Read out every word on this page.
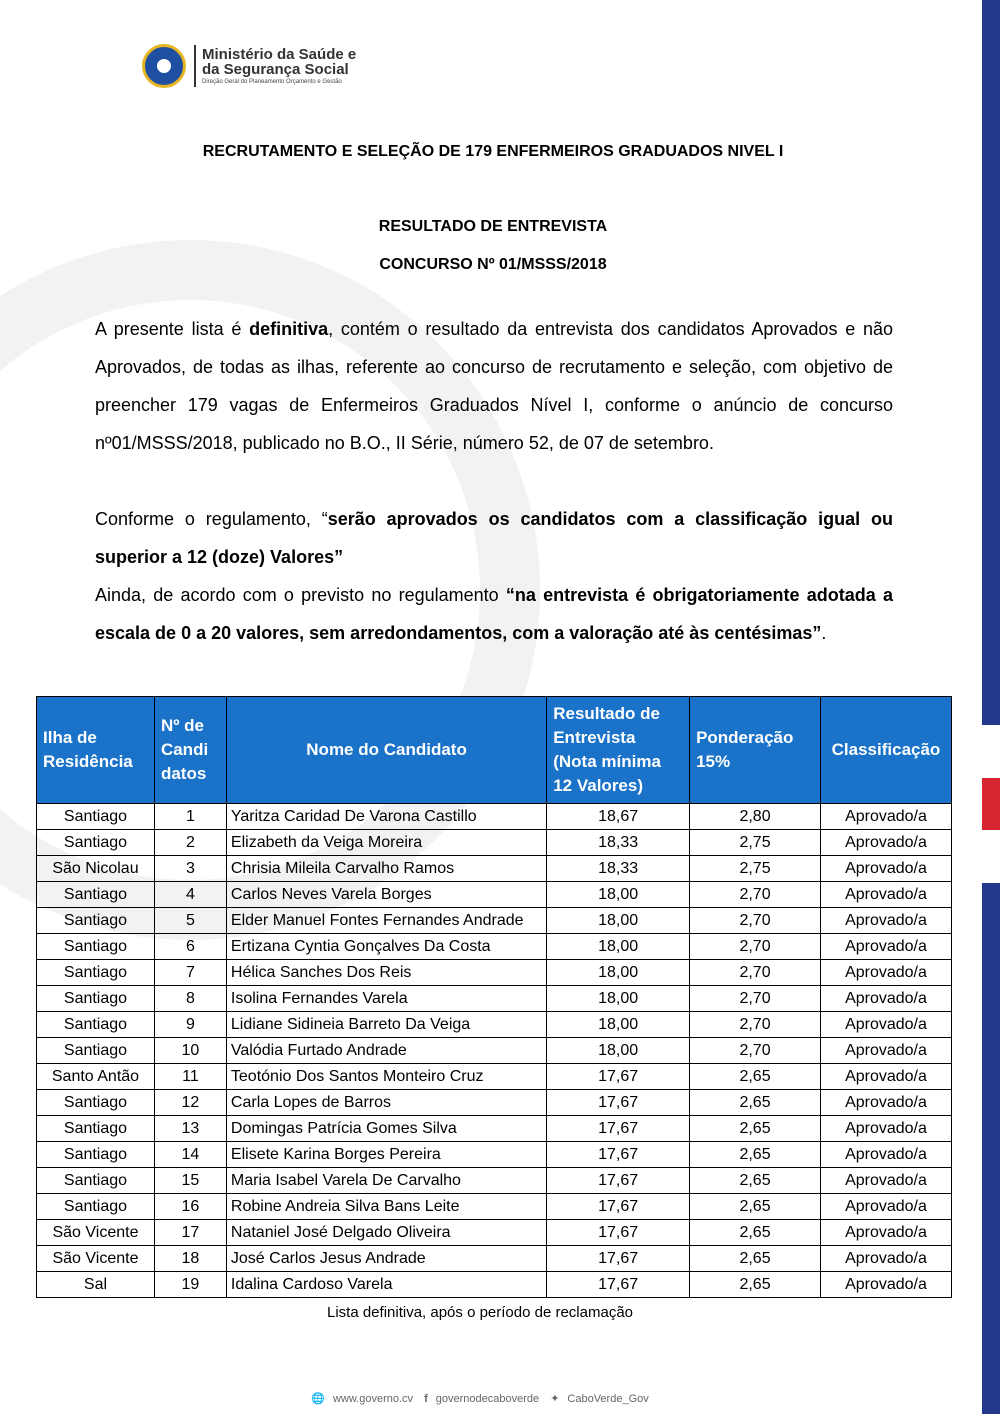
Ministério da Saúde e
da Segurança Social
Direção Geral do Planeamento Orçamento e Gestão
RECRUTAMENTO E SELEÇÃO DE 179 ENFERMEIROS GRADUADOS NIVEL I
RESULTADO DE ENTREVISTA
CONCURSO Nº 01/MSSS/2018
A presente lista é definitiva, contém o resultado da entrevista dos candidatos Aprovados e não Aprovados, de todas as ilhas, referente ao concurso de recrutamento e seleção, com objetivo de preencher 179 vagas de Enfermeiros Graduados Nível I, conforme o anúncio de concurso nº01/MSSS/2018, publicado no B.O., II Série, número 52, de 07 de setembro.
Conforme o regulamento, “serão aprovados os candidatos com a classificação igual ou superior a 12 (doze) Valores”
Ainda, de acordo com o previsto no regulamento “na entrevista é obrigatoriamente adotada a escala de 0 a 20 valores, sem arredondamentos, com a valoração até às centésimas”.
Ilha de Residência	Nº de Candi datos	Nome do Candidato	Resultado de Entrevista (Nota mínima 12 Valores)	Ponderação 15%	Classificação
Santiago	1	Yaritza Caridad De Varona Castillo	18,67	2,80	Aprovado/a
Santiago	2	Elizabeth da Veiga Moreira	18,33	2,75	Aprovado/a
São Nicolau	3	Chrisia Mileila Carvalho Ramos	18,33	2,75	Aprovado/a
Santiago	4	Carlos Neves Varela Borges	18,00	2,70	Aprovado/a
Santiago	5	Elder Manuel Fontes Fernandes Andrade	18,00	2,70	Aprovado/a
Santiago	6	Ertizana Cyntia Gonçalves Da Costa	18,00	2,70	Aprovado/a
Santiago	7	Hélica Sanches Dos Reis	18,00	2,70	Aprovado/a
Santiago	8	Isolina Fernandes Varela	18,00	2,70	Aprovado/a
Santiago	9	Lidiane Sidineia Barreto Da Veiga	18,00	2,70	Aprovado/a
Santiago	10	Valódia Furtado Andrade	18,00	2,70	Aprovado/a
Santo Antão	11	Teotónio Dos Santos Monteiro Cruz	17,67	2,65	Aprovado/a
Santiago	12	Carla Lopes de Barros	17,67	2,65	Aprovado/a
Santiago	13	Domingas Patrícia Gomes Silva	17,67	2,65	Aprovado/a
Santiago	14	Elisete Karina Borges Pereira	17,67	2,65	Aprovado/a
Santiago	15	Maria Isabel Varela De Carvalho	17,67	2,65	Aprovado/a
Santiago	16	Robine Andreia Silva Bans Leite	17,67	2,65	Aprovado/a
São Vicente	17	Nataniel José Delgado Oliveira	17,67	2,65	Aprovado/a
São Vicente	18	José Carlos Jesus Andrade	17,67	2,65	Aprovado/a
Sal	19	Idalina Cardoso Varela	17,67	2,65	Aprovado/a
Lista definitiva, após o período de reclamação
🌐 www.governo.cv f governodecaboverde ✦ CaboVerde_Gov
